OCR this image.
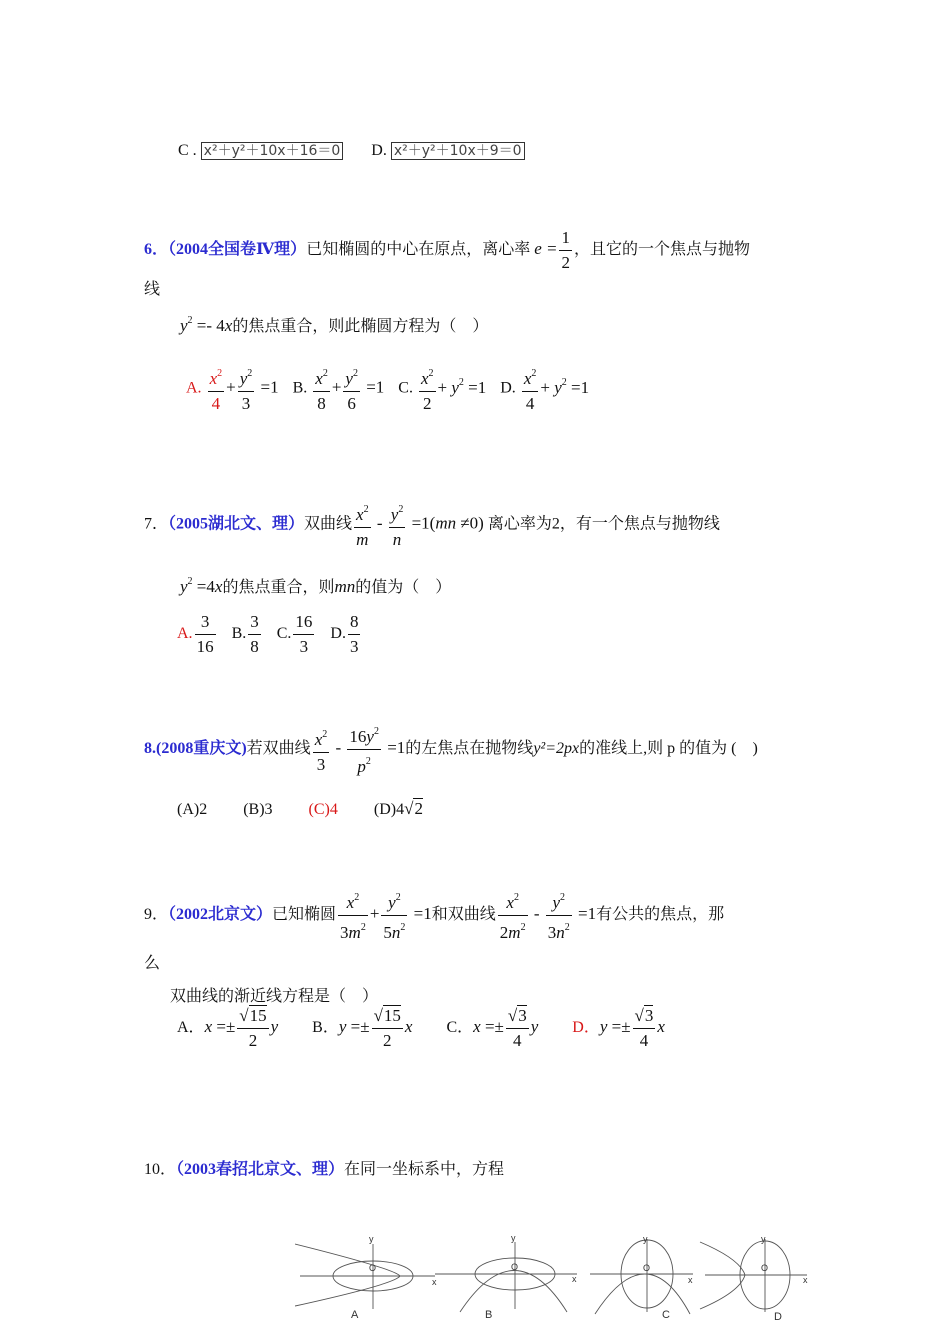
C . x²＋y²＋10x＋16＝0 D. x²＋y²＋10x＋9＝0
6．（2004全国卷Ⅳ理）已知椭圆的中心在原点，离心率 $e = \frac{1}{2}$ ，且它的一个焦点与抛物
线
$y^2 =- 4x$的焦点重合，则此椭圆方程为（　）
A. $\frac{x^2}{4} + \frac{y^2}{3} =1$ B. $\frac{x^2}{8} + \frac{y^2}{6} =1$ C. $\frac{x^2}{2} + y^2 =1$ D. $\frac{x^2}{4} + y^2 =1$
7．（2005湖北文、理）双曲线 $\frac{x^2}{m} - \frac{y^2}{n} =1(mn \ne 0)$ 离心率为2，有一个焦点与抛物线
$y^2 =4x$的焦点重合，则mn的值为（　）
A. $\frac{3}{16} B$. $\frac{3}{8} C$. $\frac{16}{3} D$. $\frac{8}{3}$
8.(2008重庆文)若双曲线 $\frac{x^2}{3} - \frac{16y^2}{p^2} =1$的左焦点在抛物线y²=2px的准线上,则 p 的值为 (　)
(A)2 (B)3 (C)4 (D)4√2
9．（2002北京文）已知椭圆 $\frac{x^2}{3m^2} + \frac{y^2}{5n^2} =1$和双曲线 $\frac{x^2}{2m^2} - \frac{y^2}{3n^2} =1$有公共的焦点，那
么
双曲线的渐近线方程是（　）
A．$x =\pm \frac{√15}{2}$ y B．$y =\pm \frac{√15}{2}$ x C．$x =\pm \frac{√3}{4}$ y D．$y =\pm \frac{√3}{4}$ x
10．（2003春招北京文、理）在同一坐标系中，方程
y
O
x
A
y
O
x
B
y
O
x
C
y
O
x
D
